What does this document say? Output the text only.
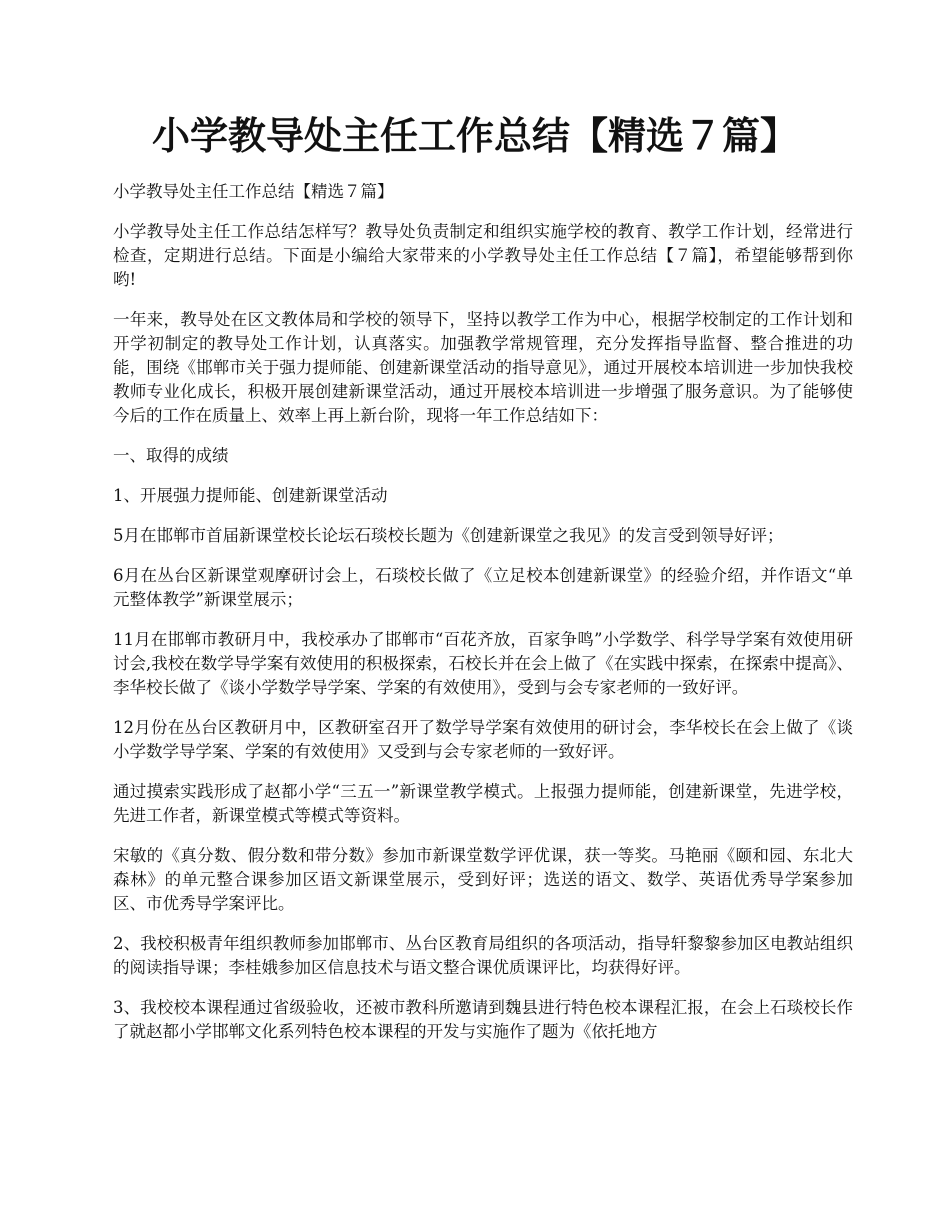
小学教导处主任工作总结【精选７篇】

小学教导处主任工作总结【精选７篇】

小学教导处主任工作总结怎样写？教导处负责制定和组织实施学校的教育、教学工作计划，经常进行检查，定期进行总结。下面是小编给大家带来的小学教导处主任工作总结【７篇】，希望能够帮到你哟!

一年来，教导处在区文教体局和学校的领导下，坚持以教学工作为中心，根据学校制定的工作计划和开学初制定的教导处工作计划，认真落实。加强教学常规管理，充分发挥指导监督、整合推进的功能，围绕《邯郸市关于强力提师能、创建新课堂活动的指导意见》，通过开展校本培训进一步加快我校教师专业化成长，积极开展创建新课堂活动，通过开展校本培训进一步增强了服务意识。为了能够使今后的工作在质量上、效率上再上新台阶，现将一年工作总结如下：

一、取得的成绩

1、开展强力提师能、创建新课堂活动

5月在邯郸市首届新课堂校长论坛石琰校长题为《创建新课堂之我见》的发言受到领导好评；

6月在丛台区新课堂观摩研讨会上，石琰校长做了《立足校本创建新课堂》的经验介绍，并作语文“单元整体教学”新课堂展示；

11月在邯郸市教研月中，我校承办了邯郸市“百花齐放，百家争鸣”小学数学、科学导学案有效使用研讨会,我校在数学导学案有效使用的积极探索，石校长并在会上做了《在实践中探索，在探索中提高》、李华校长做了《谈小学数学导学案、学案的有效使用》，受到与会专家老师的一致好评。

12月份在丛台区教研月中，区教研室召开了数学导学案有效使用的研讨会，李华校长在会上做了《谈小学数学导学案、学案的有效使用》又受到与会专家老师的一致好评。

通过摸索实践形成了赵都小学“三五一”新课堂教学模式。上报强力提师能，创建新课堂，先进学校，先进工作者，新课堂模式等模式等资料。

宋敏的《真分数、假分数和带分数》参加市新课堂数学评优课，获一等奖。马艳丽《颐和园、东北大森林》的单元整合课参加区语文新课堂展示，受到好评；选送的语文、数学、英语优秀导学案参加区、市优秀导学案评比。

2、我校积极青年组织教师参加邯郸市、丛台区教育局组织的各项活动，指导轩黎黎参加区电教站组织的阅读指导课；李桂娥参加区信息技术与语文整合课优质课评比，均获得好评。

3、我校校本课程通过省级验收，还被市教科所邀请到魏县进行特色校本课程汇报，在会上石琰校长作了就赵都小学邯郸文化系列特色校本课程的开发与实施作了题为《依托地方
